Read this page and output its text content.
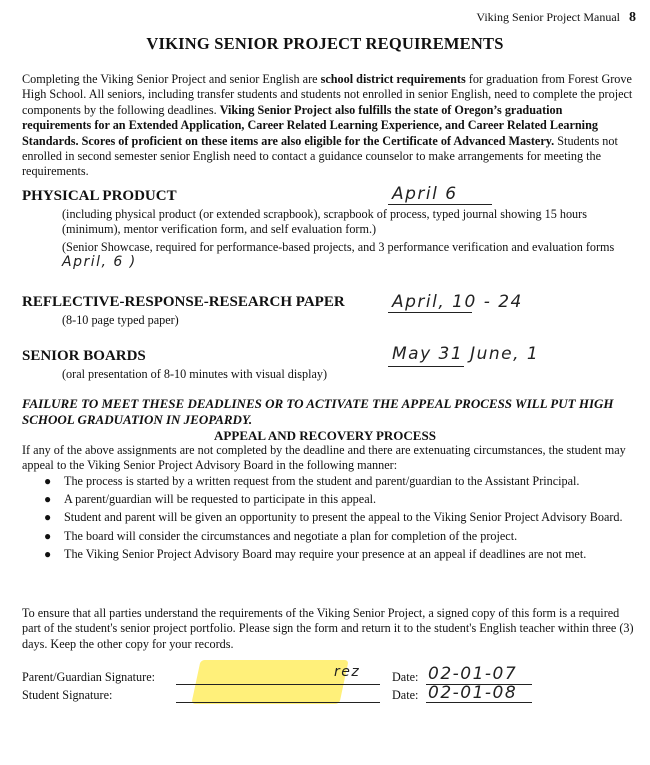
Viking Senior Project Manual 8
VIKING SENIOR PROJECT REQUIREMENTS
Completing the Viking Senior Project and senior English are school district requirements for graduation from Forest Grove High School. All seniors, including transfer students and students not enrolled in senior English, need to complete the project components by the following deadlines. Viking Senior Project also fulfills the state of Oregon’s graduation requirements for an Extended Application, Career Related Learning Experience, and Career Related Learning Standards. Scores of proficient on these items are also eligible for the Certificate of Advanced Mastery. Students not enrolled in second semester senior English need to contact a guidance counselor to make arrangements for meeting the requirements.
PHYSICAL PRODUCT	April 6
(including physical product (or extended scrapbook), scrapbook of process, typed journal showing 15 hours (minimum), mentor verification form, and self evaluation form.)
(Senior Showcase, required for performance-based projects, and 3 performance verification and evaluation forms April, 6 )
REFLECTIVE-RESPONSE-RESEARCH PAPER	April, 10 - 24
(8-10 page typed paper)
SENIOR BOARDS	May 31 June, 1
(oral presentation of 8-10 minutes with visual display)
FAILURE TO MEET THESE DEADLINES OR TO ACTIVATE THE APPEAL PROCESS WILL PUT HIGH SCHOOL GRADUATION IN JEOPARDY.
APPEAL AND RECOVERY PROCESS
If any of the above assignments are not completed by the deadline and there are extenuating circumstances, the student may appeal to the Viking Senior Project Advisory Board in the following manner:
● The process is started by a written request from the student and parent/guardian to the Assistant Principal.
● A parent/guardian will be requested to participate in this appeal.
● Student and parent will be given an opportunity to present the appeal to the Viking Senior Project Advisory Board.
● The board will consider the circumstances and negotiate a plan for completion of the project.
● The Viking Senior Project Advisory Board may require your presence at an appeal if deadlines are not met.
To ensure that all parties understand the requirements of the Viking Senior Project, a signed copy of this form is a required part of the student's senior project portfolio. Please sign the form and return it to the student's English teacher within three (3) days. Keep the other copy for your records.
Parent/Guardian Signature:	rez	Date: 02-01-07
Student Signature:	Date: 02-01-08
